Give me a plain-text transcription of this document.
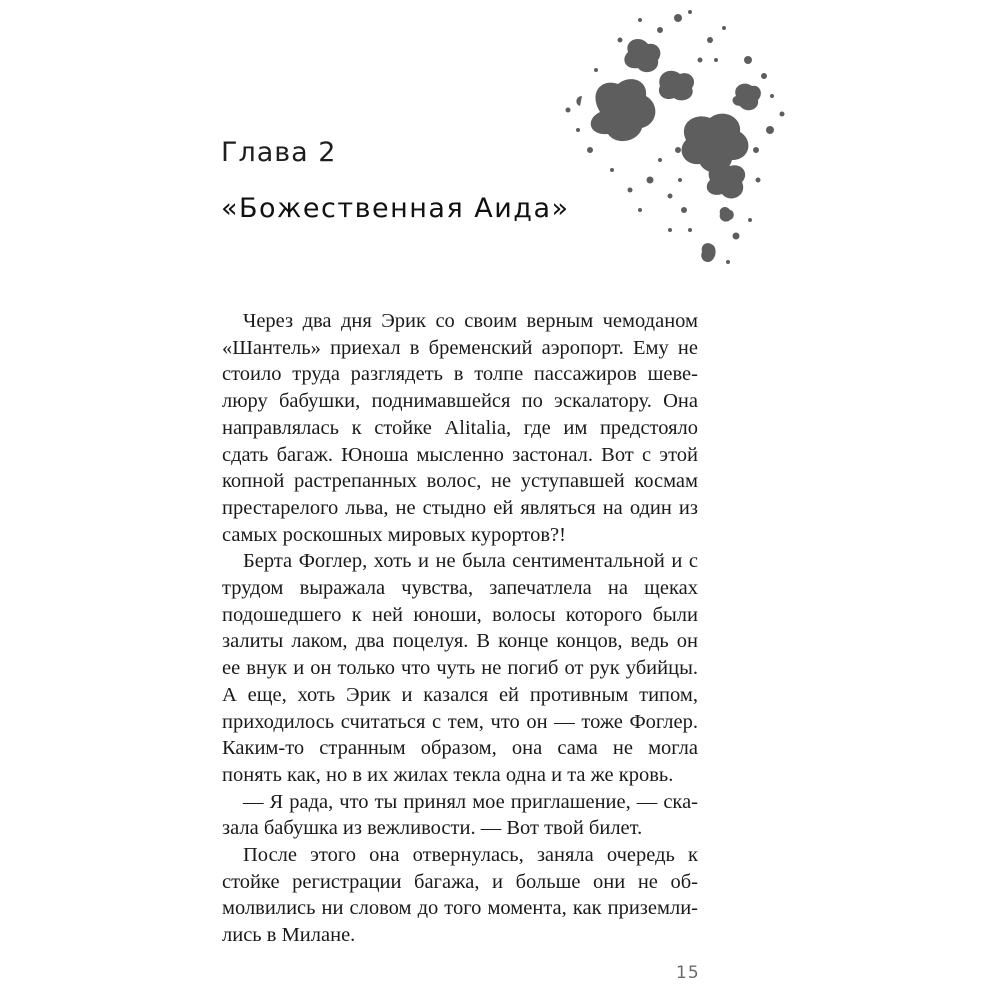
Глава 2
«Божественная Аида»

Через два дня Эрик со своим верным чемоданом «Шантель» приехал в бременский аэропорт. Ему не стоило труда разглядеть в толпе пассажиров шевелюру бабушки, поднимавшейся по эскалатору. Она направлялась к стойке Alitalia, где им предстояло сдать багаж. Юноша мысленно застонал. Вот с этой копной растрепанных волос, не уступавшей космам престарелого льва, не стыдно ей являться на один из самых роскошных мировых курортов?!

Берта Фоглер, хоть и не была сентиментальной и с трудом выражала чувства, запечатлела на щеках подошедшего к ней юноши, волосы которого были залиты лаком, два поцелуя. В конце концов, ведь он ее внук и он только что чуть не погиб от рук убийцы. А еще, хоть Эрик и казался ей противным типом, приходилось считаться с тем, что он — тоже Фоглер. Каким-то странным образом, она сама не могла понять как, но в их жилах текла одна и та же кровь.

— Я рада, что ты принял мое приглашение, — сказала бабушка из вежливости. — Вот твой билет.

После этого она отвернулась, заняла очередь к стойке регистрации багажа, и больше они не обмолвились ни словом до того момента, как приземлились в Милане.

15
